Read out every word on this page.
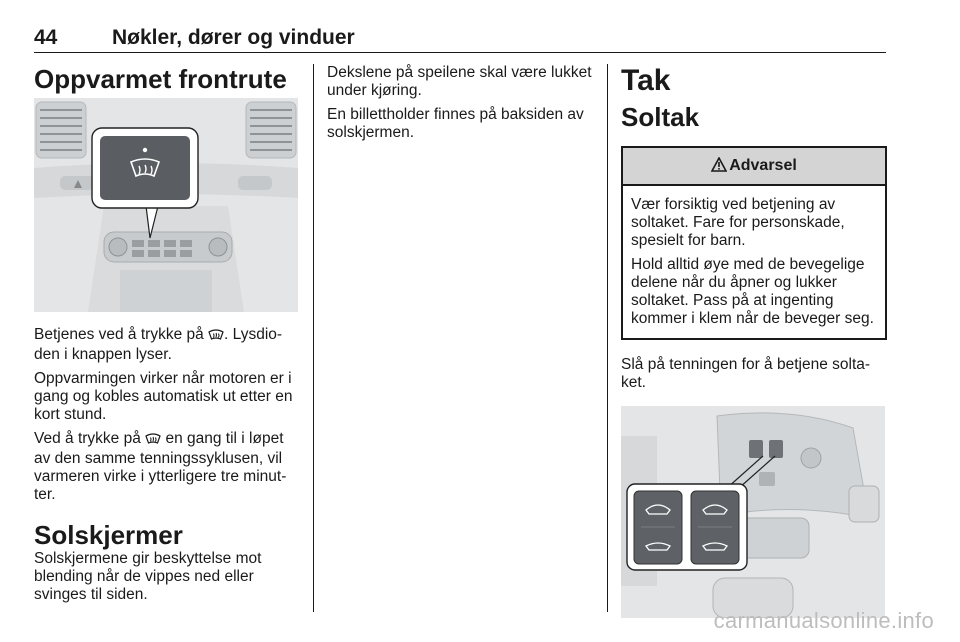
44	Nøkler, dører og vinduer
Oppvarmet frontrute

Betjenes ved å trykke på . Lysdio-den i knappen lyser.

Oppvarmingen virker når motoren er i gang og kobles automatisk ut etter en kort stund.

Ved å trykke på  en gang til i løpet av den samme tenningssyklusen, vil varmeren virke i ytterligere tre minut-ter.

Solskjermer

Solskjermene gir beskyttelse mot blending når de vippes ned eller svinges til siden.

Dekslene på speilene skal være lukket under kjøring.

En billettholder finnes på baksiden av solskjermen.

Tak
Soltak
Advarsel

Vær forsiktig ved betjening av soltaket. Fare for personskade, spesielt for barn.

Hold alltid øye med de bevegelige delene når du åpner og lukker soltaket. Pass på at ingenting kommer i klem når de beveger seg.

Slå på tenningen for å betjene solta-ket.

carmanualsonline.info
